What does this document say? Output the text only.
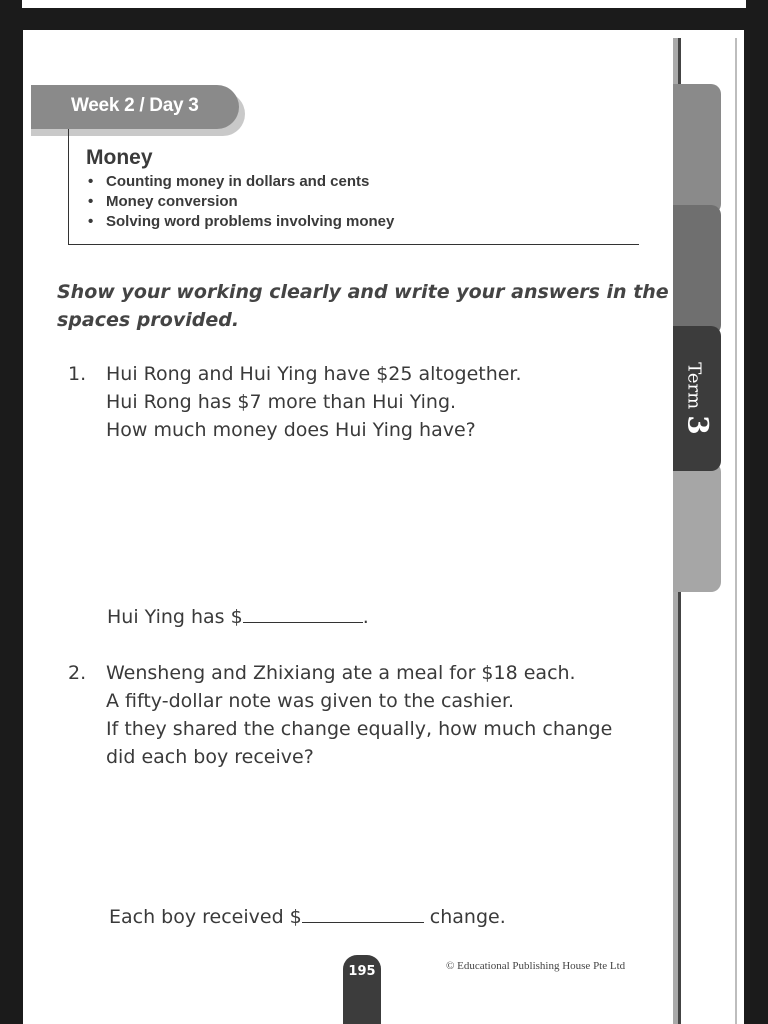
Term
3
Week 2 / Day 3
Money
• Counting money in dollars and cents
• Money conversion
• Solving word problems involving money
Show your working clearly and write your answers in the spaces provided.
1. Hui Rong and Hui Ying have $25 altogether.
Hui Rong has $7 more than Hui Ying.
How much money does Hui Ying have?
Hui Ying has $	.
2. Wensheng and Zhixiang ate a meal for $18 each.
A fifty-dollar note was given to the cashier.
If they shared the change equally, how much change
did each boy receive?
Each boy received $	change.
195	© Educational Publishing House Pte Ltd
